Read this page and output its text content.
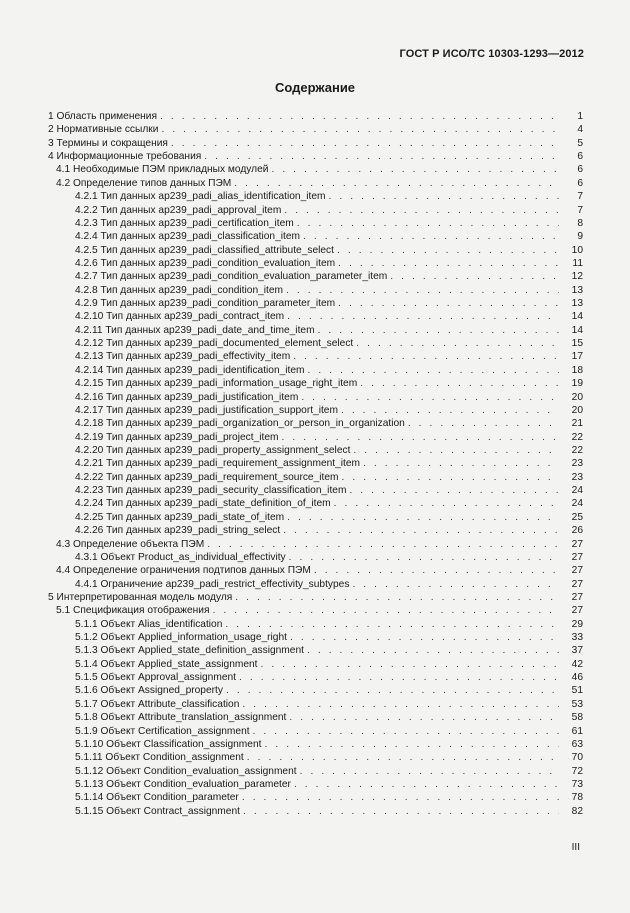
ГОСТ Р ИСО/ТС 10303-1293—2012
Содержание
1 Область применения . . .	1
2 Нормативные ссылки . . .	4
3 Термины и сокращения . . .	5
4 Информационные требования . . .	6
4.1 Необходимые ПЭМ прикладных модулей . . .	6
4.2 Определение типов данных ПЭМ . . .	6
4.2.1 Тип данных ap239_padi_alias_identification_item . . .	7
4.2.2 Тип данных ap239_padi_approval_item . . .	7
4.2.3 Тип данных ap239_padi_certification_item . . .	8
4.2.4 Тип данных ap239_padi_classification_item . . .	9
4.2.5 Тип данных ap239_padi_classified_attribute_select . . .	10
4.2.6 Тип данных ap239_padi_condition_evaluation_item . . .	11
4.2.7 Тип данных ap239_padi_condition_evaluation_parameter_item . . .	12
4.2.8 Тип данных ap239_padi_condition_item . . .	13
4.2.9 Тип данных ap239_padi_condition_parameter_item . . .	13
4.2.10 Тип данных ap239_padi_contract_item . . .	14
4.2.11 Тип данных ap239_padi_date_and_time_item . . .	14
4.2.12 Тип данных ap239_padi_documented_element_select . . .	15
4.2.13 Тип данных ap239_padi_effectivity_item . . .	17
4.2.14 Тип данных ap239_padi_identification_item . . .	18
4.2.15 Тип данных ap239_padi_information_usage_right_item . . .	19
4.2.16 Тип данных ap239_padi_justification_item . . .	20
4.2.17 Тип данных ap239_padi_justification_support_item . . .	20
4.2.18 Тип данных ap239_padi_organization_or_person_in_organization . . .	21
4.2.19 Тип данных ap239_padi_project_item . . .	22
4.2.20 Тип данных ap239_padi_property_assignment_select . . .	22
4.2.21 Тип данных ap239_padi_requirement_assignment_item . . .	23
4.2.22 Тип данных ap239_padi_requirement_source_item . . .	23
4.2.23 Тип данных ap239_padi_security_classification_item . . .	24
4.2.24 Тип данных ap239_padi_state_definition_of_item . . .	24
4.2.25 Тип данных ap239_padi_state_of_item . . .	25
4.2.26 Тип данных ap239_padi_string_select . . .	26
4.3 Определение объекта ПЭМ . . .	27
4.3.1 Объект Product_as_individual_effectivity . . .	27
4.4 Определение ограничения подтипов данных ПЭМ . . .	27
4.4.1 Ограничение ap239_padi_restrict_effectivity_subtypes . . .	27
5 Интерпретированная модель модуля . . .	27
5.1 Спецификация отображения . . .	27
5.1.1 Объект Alias_identification . . .	29
5.1.2 Объект Applied_information_usage_right . . .	33
5.1.3 Объект Applied_state_definition_assignment . . .	37
5.1.4 Объект Applied_state_assignment . . .	42
5.1.5 Объект Approval_assignment . . .	46
5.1.6 Объект Assigned_property . . .	51
5.1.7 Объект Attribute_classification . . .	53
5.1.8 Объект Attribute_translation_assignment . . .	58
5.1.9 Объект Certification_assignment . . .	61
5.1.10 Объект Classification_assignment . . .	63
5.1.11 Объект Condition_assignment . . .	70
5.1.12 Объект Condition_evaluation_assignment . . .	72
5.1.13 Объект Condition_evaluation_parameter . . .	73
5.1.14 Объект Condition_parameter . . .	78
5.1.15 Объект Contract_assignment . . .	82
III
